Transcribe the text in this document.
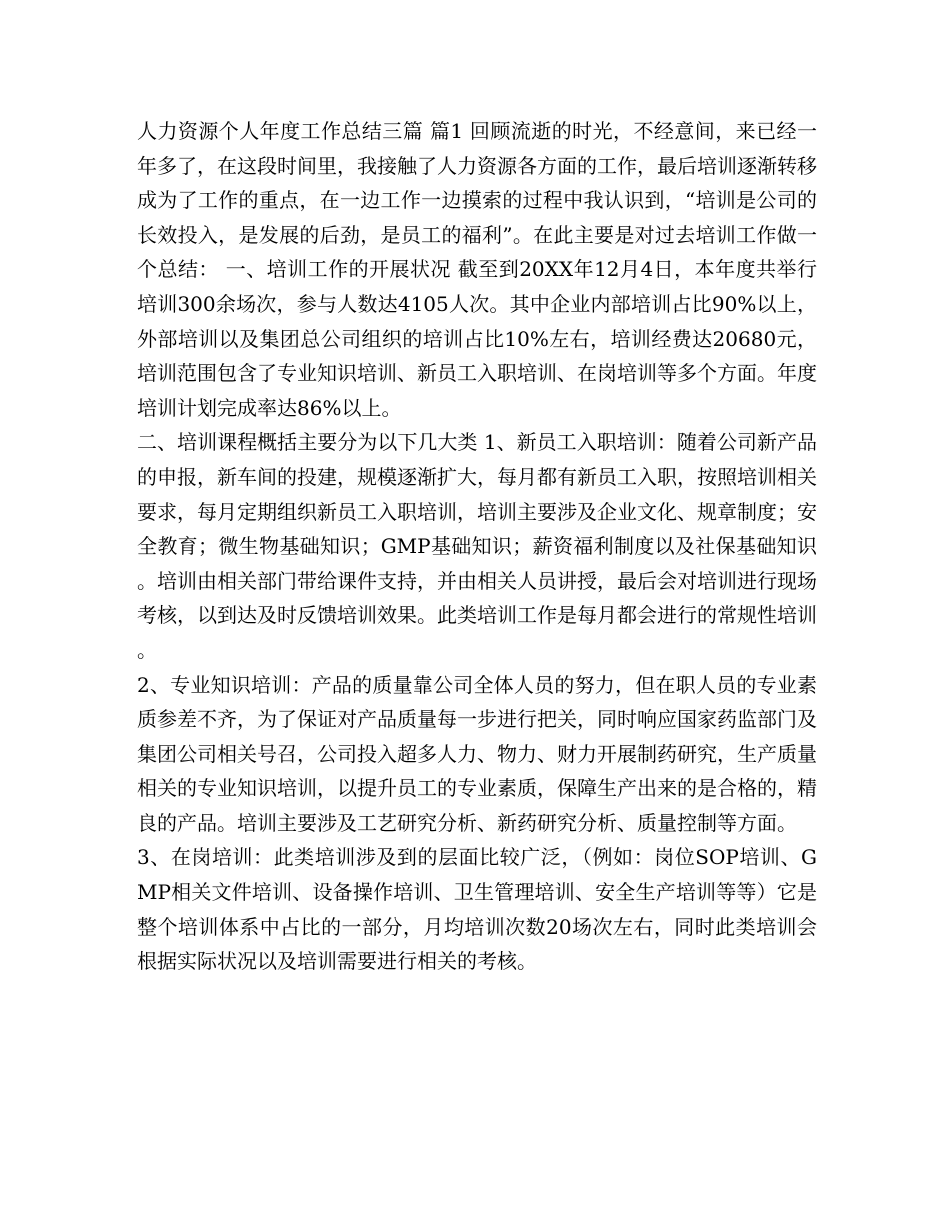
人力资源个人年度工作总结三篇 篇1 回顾流逝的时光，不经意间，来已经一年多了，在这段时间里，我接触了人力资源各方面的工作，最后培训逐渐转移成为了工作的重点，在一边工作一边摸索的过程中我认识到，“培训是公司的长效投入，是发展的后劲，是员工的福利”。在此主要是对过去培训工作做一个总结： 一、培训工作的开展状况 截至到20XX年12月4日，本年度共举行培训300余场次，参与人数达4105人次。其中企业内部培训占比90%以上，外部培训以及集团总公司组织的培训占比10%左右，培训经费达20680元，培训范围包含了专业知识培训、新员工入职培训、在岗培训等多个方面。年度培训计划完成率达86%以上。

二、培训课程概括主要分为以下几大类 1、新员工入职培训：随着公司新产品的申报，新车间的投建，规模逐渐扩大，每月都有新员工入职，按照培训相关要求，每月定期组织新员工入职培训，培训主要涉及企业文化、规章制度；安全教育；微生物基础知识；GMP基础知识；薪资福利制度以及社保基础知识。培训由相关部门带给课件支持，并由相关人员讲授，最后会对培训进行现场考核，以到达及时反馈培训效果。此类培训工作是每月都会进行的常规性培训。

2、专业知识培训：产品的质量靠公司全体人员的努力，但在职人员的专业素质参差不齐，为了保证对产品质量每一步进行把关，同时响应国家药监部门及集团公司相关号召，公司投入超多人力、物力、财力开展制药研究，生产质量相关的专业知识培训，以提升员工的专业素质，保障生产出来的是合格的，精良的产品。培训主要涉及工艺研究分析、新药研究分析、质量控制等方面。

3、在岗培训：此类培训涉及到的层面比较广泛，（例如：岗位SOP培训、GMP相关文件培训、设备操作培训、卫生管理培训、安全生产培训等等）它是整个培训体系中占比的一部分，月均培训次数20场次左右，同时此类培训会根据实际状况以及培训需要进行相关的考核。
